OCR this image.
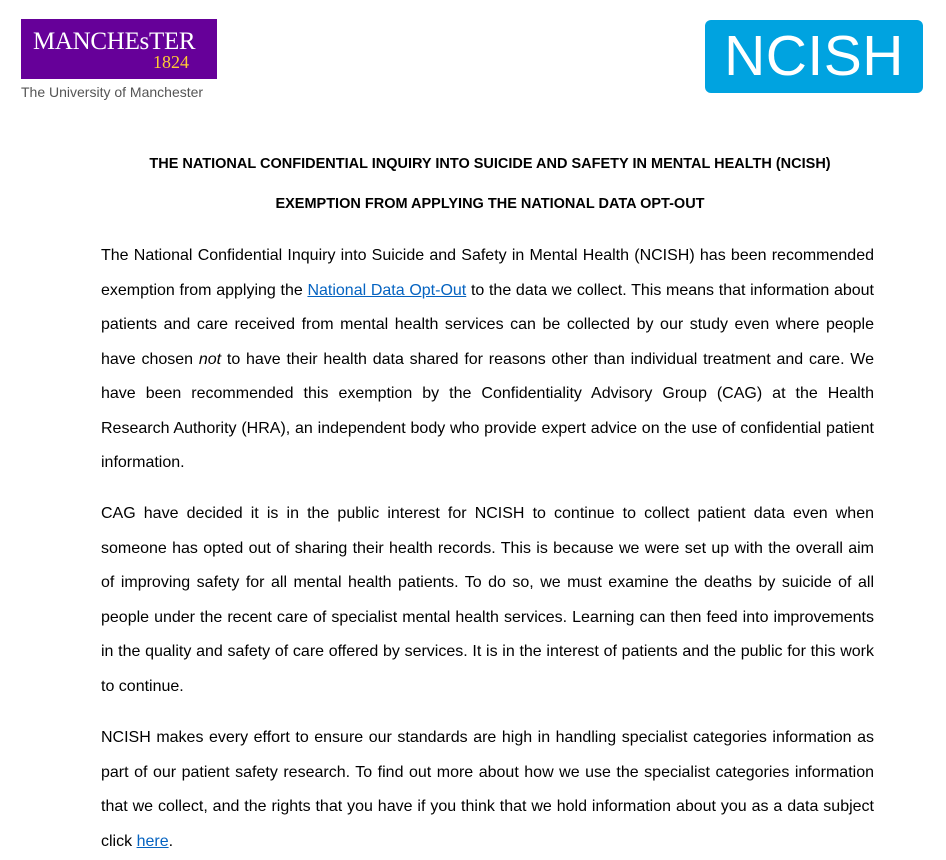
MANCHEsTER
1824
The University of Manchester
NCISH
THE NATIONAL CONFIDENTIAL INQUIRY INTO SUICIDE AND SAFETY IN MENTAL HEALTH (NCISH)
EXEMPTION FROM APPLYING THE NATIONAL DATA OPT-OUT

The National Confidential Inquiry into Suicide and Safety in Mental Health (NCISH) has been recommended exemption from applying the National Data Opt-Out to the data we collect. This means that information about patients and care received from mental health services can be collected by our study even where people have chosen not to have their health data shared for reasons other than individual treatment and care. We have been recommended this exemption by the Confidentiality Advisory Group (CAG) at the Health Research Authority (HRA), an independent body who provide expert advice on the use of confidential patient information.

CAG have decided it is in the public interest for NCISH to continue to collect patient data even when someone has opted out of sharing their health records. This is because we were set up with the overall aim of improving safety for all mental health patients. To do so, we must examine the deaths by suicide of all people under the recent care of specialist mental health services. Learning can then feed into improvements in the quality and safety of care offered by services. It is in the interest of patients and the public for this work to continue.

NCISH makes every effort to ensure our standards are high in handling specialist categories information as part of our patient safety research. To find out more about how we use the specialist categories information that we collect, and the rights that you have if you think that we hold information about you as a data subject click here.
